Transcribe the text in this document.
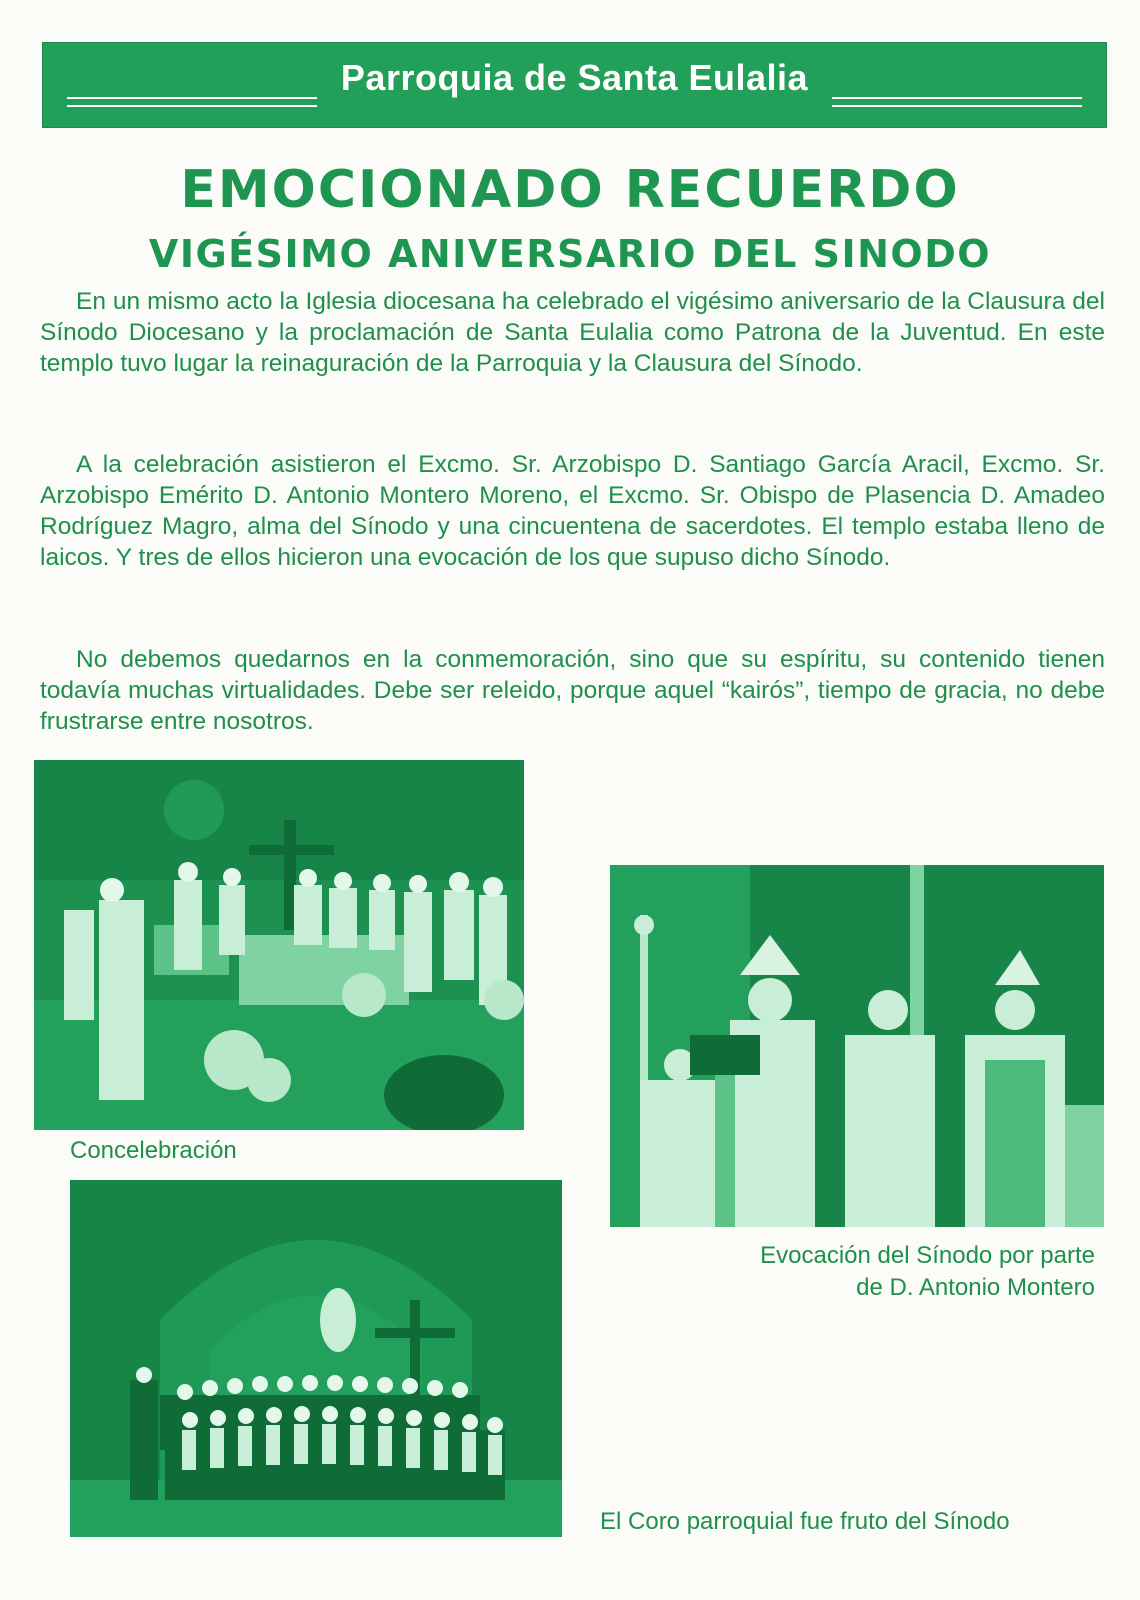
Parroquia de Santa Eulalia
EMOCIONADO RECUERDO
VIGÉSIMO ANIVERSARIO DEL SINODO

En un mismo acto la Iglesia diocesana ha celebrado el vigésimo aniversario de la Clausura del Sínodo Diocesano y la proclamación de Santa Eulalia como Patrona de la Juventud. En este templo tuvo lugar la reinaguración de la Parroquia y la Clausura del Sínodo.

A la celebración asistieron el Excmo. Sr. Arzobispo D. Santiago García Aracil, Excmo. Sr. Arzobispo Emérito D. Antonio Montero Moreno, el Excmo. Sr. Obispo de Plasencia D. Amadeo Rodríguez Magro, alma del Sínodo y una cincuentena de sacerdotes. El templo estaba lleno de laicos. Y tres de ellos hicieron una evocación de los que supuso dicho Sínodo.

No debemos quedarnos en la conmemoración, sino que su espíritu, su contenido tienen todavía muchas virtualidades. Debe ser releido, porque aquel “kairós”, tiempo de gracia, no debe frustrarse entre nosotros.

Concelebración
Evocación del Sínodo por parte
de D. Antonio Montero
El Coro parroquial fue fruto del Sínodo
